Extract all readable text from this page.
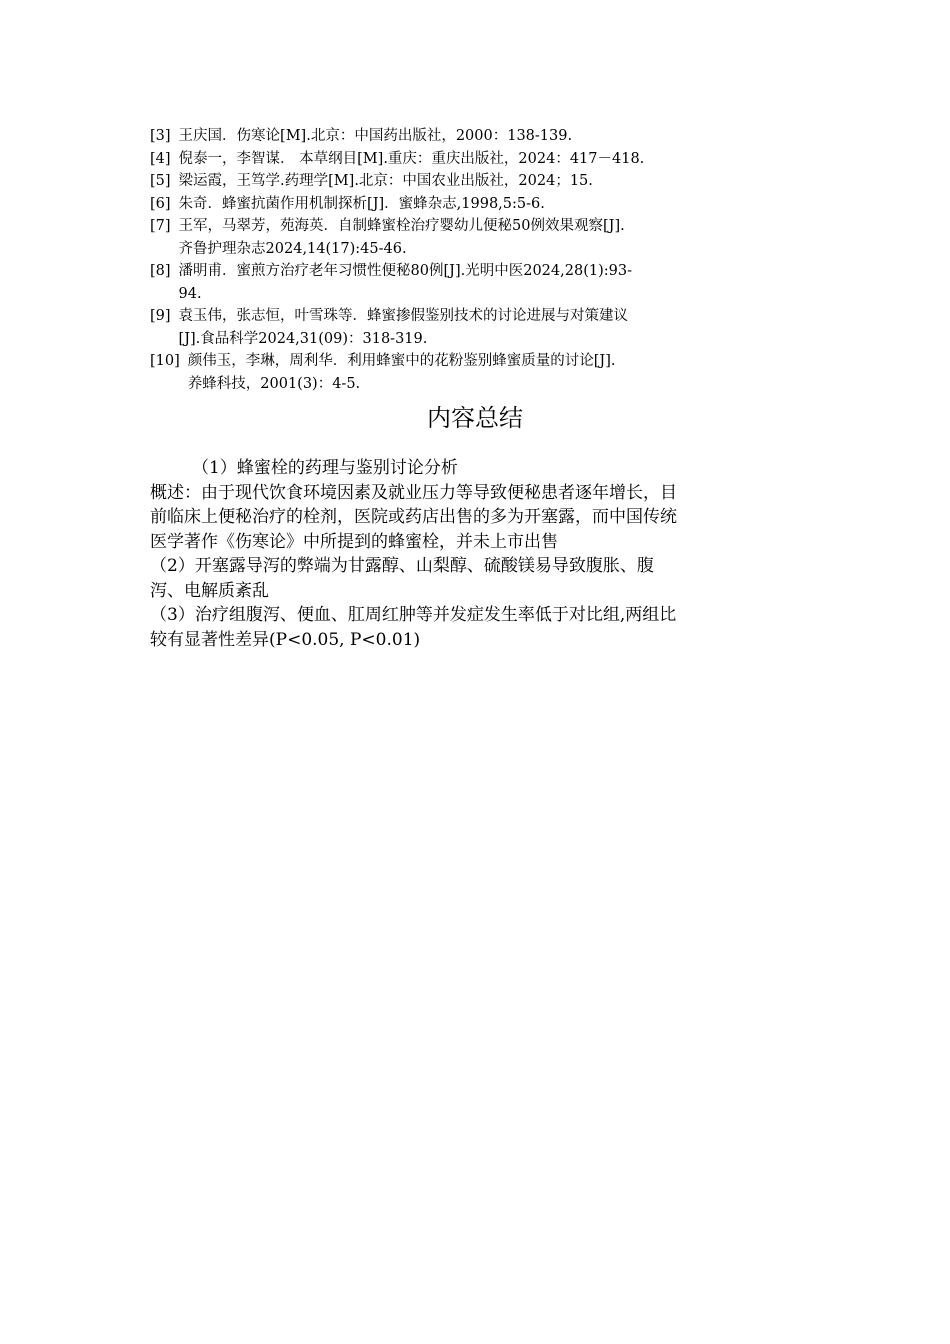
[3] 王庆国．伤寒论[M].北京：中国药出版社，2000：138-139.
[4] 倪泰一，李智谋． 本草纲目[M].重庆：重庆出版社，2024：417－418.
[5] 梁运霞，王笃学.药理学[M].北京：中国农业出版社，2024；15.
[6] 朱奇．蜂蜜抗菌作用机制探析[J]．蜜蜂杂志,1998,5:5-6.
[7] 王军，马翠芳，苑海英．自制蜂蜜栓治疗婴幼儿便秘50例效果观察[J].
齐鲁护理杂志2024,14(17):45-46.
[8] 潘明甫．蜜煎方治疗老年习惯性便秘80例[J].光明中医2024,28(1):93-
94.
[9] 袁玉伟，张志恒，叶雪珠等．蜂蜜掺假鉴别技术的讨论进展与对策建议
[J].食品科学2024,31(09)：318-319.
[10] 颜伟玉，李琳，周利华．利用蜂蜜中的花粉鉴别蜂蜜质量的讨论[J].
养蜂科技，2001(3)：4-5.
内容总结
（1）蜂蜜栓的药理与鉴别讨论分析
概述：由于现代饮食环境因素及就业压力等导致便秘患者逐年增长，目
前临床上便秘治疗的栓剂，医院或药店出售的多为开塞露，而中国传统
医学著作《伤寒论》中所提到的蜂蜜栓，并未上市出售
（2）开塞露导泻的弊端为甘露醇、山梨醇、硫酸镁易导致腹胀、腹
泻、电解质紊乱
（3）治疗组腹泻、便血、肛周红肿等并发症发生率低于对比组,两组比
较有显著性差异(P<0.05, P<0.01)
